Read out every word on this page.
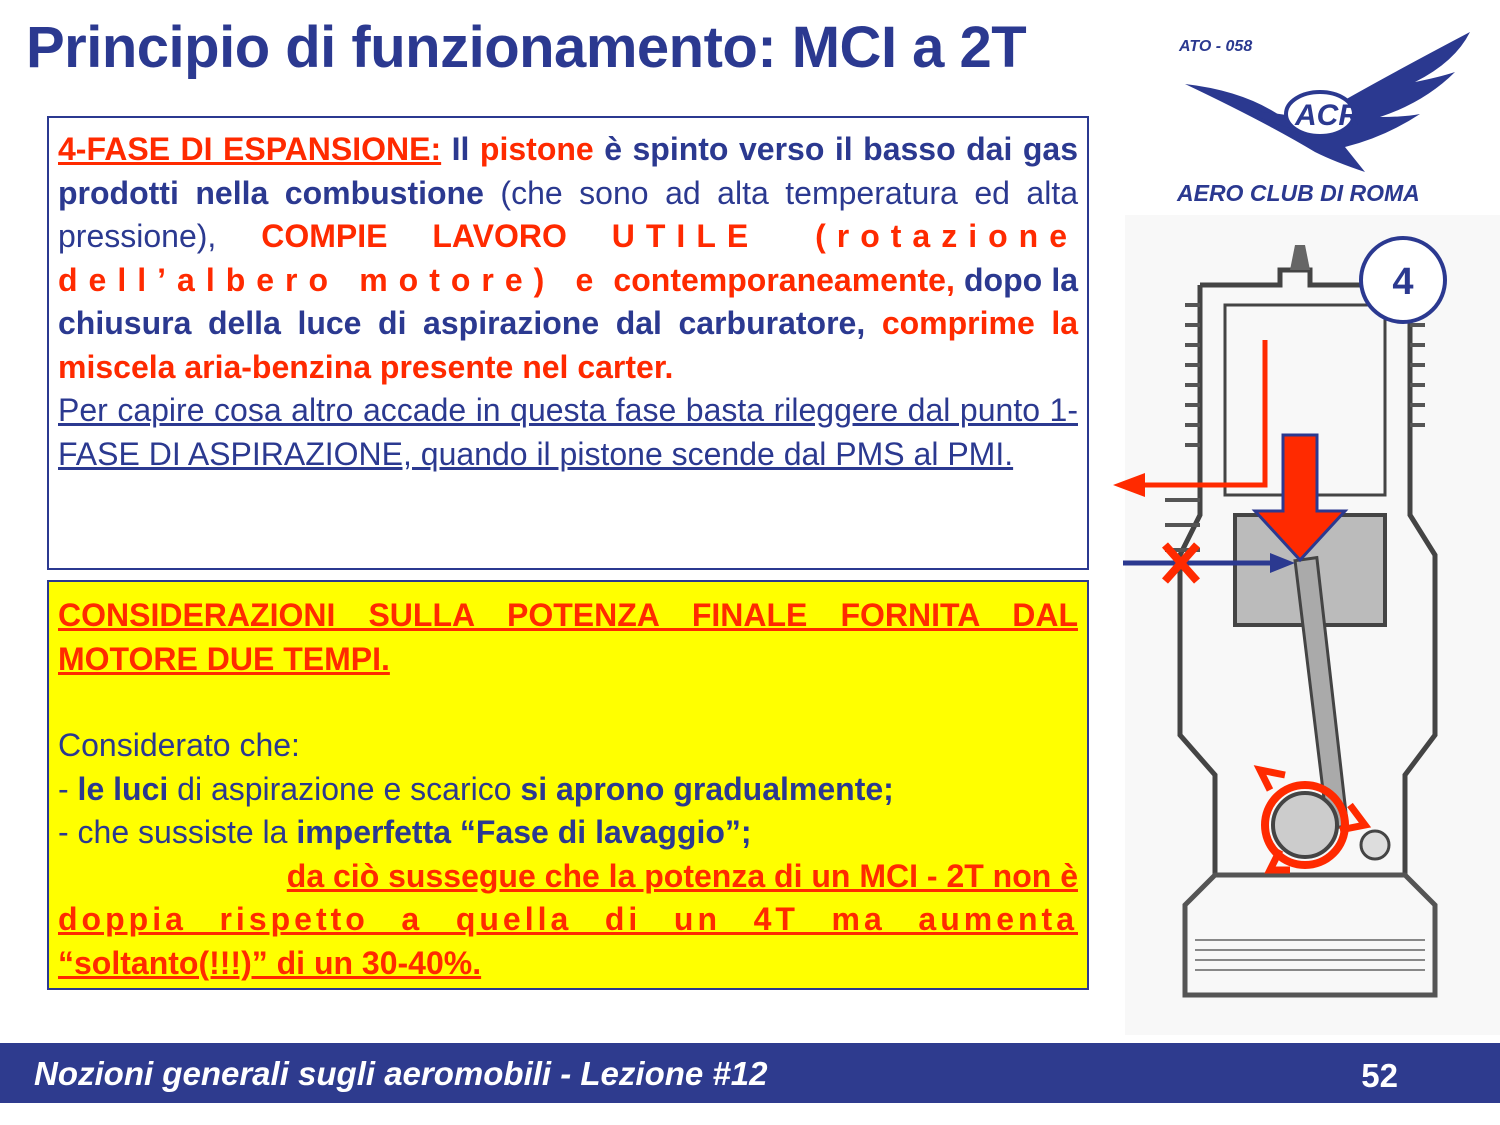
Principio di funzionamento: MCI a 2T
ACR
ATO - 058
AERO CLUB DI ROMA

4-FASE DI ESPANSIONE: Il pistone è spinto verso il basso dai gas prodotti nella combustione (che sono ad alta temperatura ed alta pressione), COMPIE LAVORO UTILE (rotazione dell’albero motore) e contemporaneamente, dopo la chiusura della luce di aspirazione dal carburatore, comprime la miscela aria-benzina presente nel carter.

Per capire cosa altro accade in questa fase basta rileggere dal punto 1-FASE DI ASPIRAZIONE, quando il pistone scende dal PMS al PMI.

CONSIDERAZIONI SULLA POTENZA FINALE FORNITA DAL MOTORE DUE TEMPI.

Considerato che:

- le luci di aspirazione e scarico si aprono gradualmente;

- che sussiste la imperfetta “Fase di lavaggio”;

da ciò sussegue che la potenza di un MCI - 2T non è

doppia rispetto a quella di un 4T ma aumenta

“soltanto(!!!)” di un 30-40%.

4
Nozioni generali sugli aeromobili - Lezione #12	52
